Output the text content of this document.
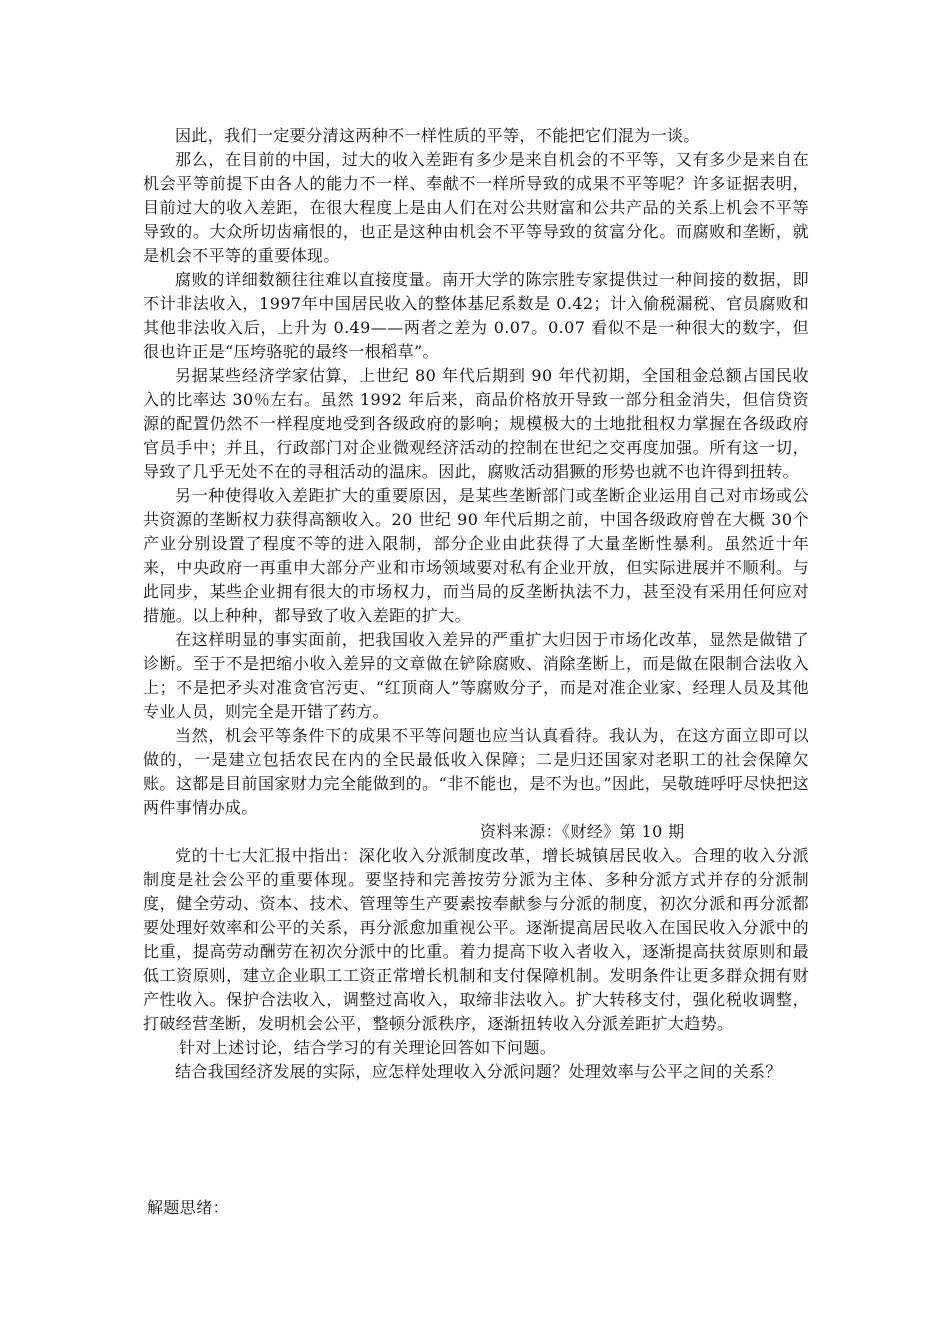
因此，我们一定要分清这两种不一样性质的平等，不能把它们混为一谈。

那么，在目前的中国，过大的收入差距有多少是来自机会的不平等，又有多少是来自在机会平等前提下由各人的能力不一样、奉献不一样所导致的成果不平等呢？许多证据表明，目前过大的收入差距，在很大程度上是由人们在对公共财富和公共产品的关系上机会不平等导致的。大众所切齿痛恨的，也正是这种由机会不平等导致的贫富分化。而腐败和垄断，就是机会不平等的重要体现。

腐败的详细数额往往难以直接度量。南开大学的陈宗胜专家提供过一种间接的数据，即不计非法收入，1997年中国居民收入的整体基尼系数是 0.42；计入偷税漏税、官员腐败和其他非法收入后，上升为 0.49——两者之差为 0.07。0.07 看似不是一种很大的数字，但很也许正是“压垮骆驼的最终一根稻草”。

另据某些经济学家估算，上世纪 80 年代后期到 90 年代初期，全国租金总额占国民收入的比率达 30％左右。虽然 1992 年后来，商品价格放开导致一部分租金消失，但信贷资源的配置仍然不一样程度地受到各级政府的影响；规模极大的土地批租权力掌握在各级政府官员手中；并且，行政部门对企业微观经济活动的控制在世纪之交再度加强。所有这一切，导致了几乎无处不在的寻租活动的温床。因此，腐败活动猖獗的形势也就不也许得到扭转。

另一种使得收入差距扩大的重要原因，是某些垄断部门或垄断企业运用自己对市场或公共资源的垄断权力获得高额收入。20 世纪 90 年代后期之前，中国各级政府曾在大概 30个产业分别设置了程度不等的进入限制，部分企业由此获得了大量垄断性暴利。虽然近十年来，中央政府一再重申大部分产业和市场领域要对私有企业开放，但实际进展并不顺利。与此同步，某些企业拥有很大的市场权力，而当局的反垄断执法不力，甚至没有采用任何应对措施。以上种种，都导致了收入差距的扩大。

在这样明显的事实面前，把我国收入差异的严重扩大归因于市场化改革，显然是做错了诊断。至于不是把缩小收入差异的文章做在铲除腐败、消除垄断上，而是做在限制合法收入上；不是把矛头对准贪官污吏、“红顶商人”等腐败分子，而是对准企业家、经理人员及其他专业人员，则完全是开错了药方。

当然，机会平等条件下的成果不平等问题也应当认真看待。我认为，在这方面立即可以做的，一是建立包括农民在内的全民最低收入保障；二是归还国家对老职工的社会保障欠账。这都是目前国家财力完全能做到的。“非不能也，是不为也。”因此，吴敬琏呼吁尽快把这两件事情办成。

资料来源：《财经》第 10 期

党的十七大汇报中指出：深化收入分派制度改革，增长城镇居民收入。合理的收入分派制度是社会公平的重要体现。要坚持和完善按劳分派为主体、多种分派方式并存的分派制度，健全劳动、资本、技术、管理等生产要素按奉献参与分派的制度，初次分派和再分派都要处理好效率和公平的关系，再分派愈加重视公平。逐渐提高居民收入在国民收入分派中的比重，提高劳动酬劳在初次分派中的比重。着力提高下收入者收入，逐渐提高扶贫原则和最低工资原则，建立企业职工工资正常增长机制和支付保障机制。发明条件让更多群众拥有财产性收入。保护合法收入，调整过高收入，取缔非法收入。扩大转移支付，强化税收调整，打破经营垄断，发明机会公平，整顿分派秩序，逐渐扭转收入分派差距扩大趋势。

针对上述讨论，结合学习的有关理论回答如下问题。

结合我国经济发展的实际，应怎样处理收入分派问题？处理效率与公平之间的关系？

解题思绪：
